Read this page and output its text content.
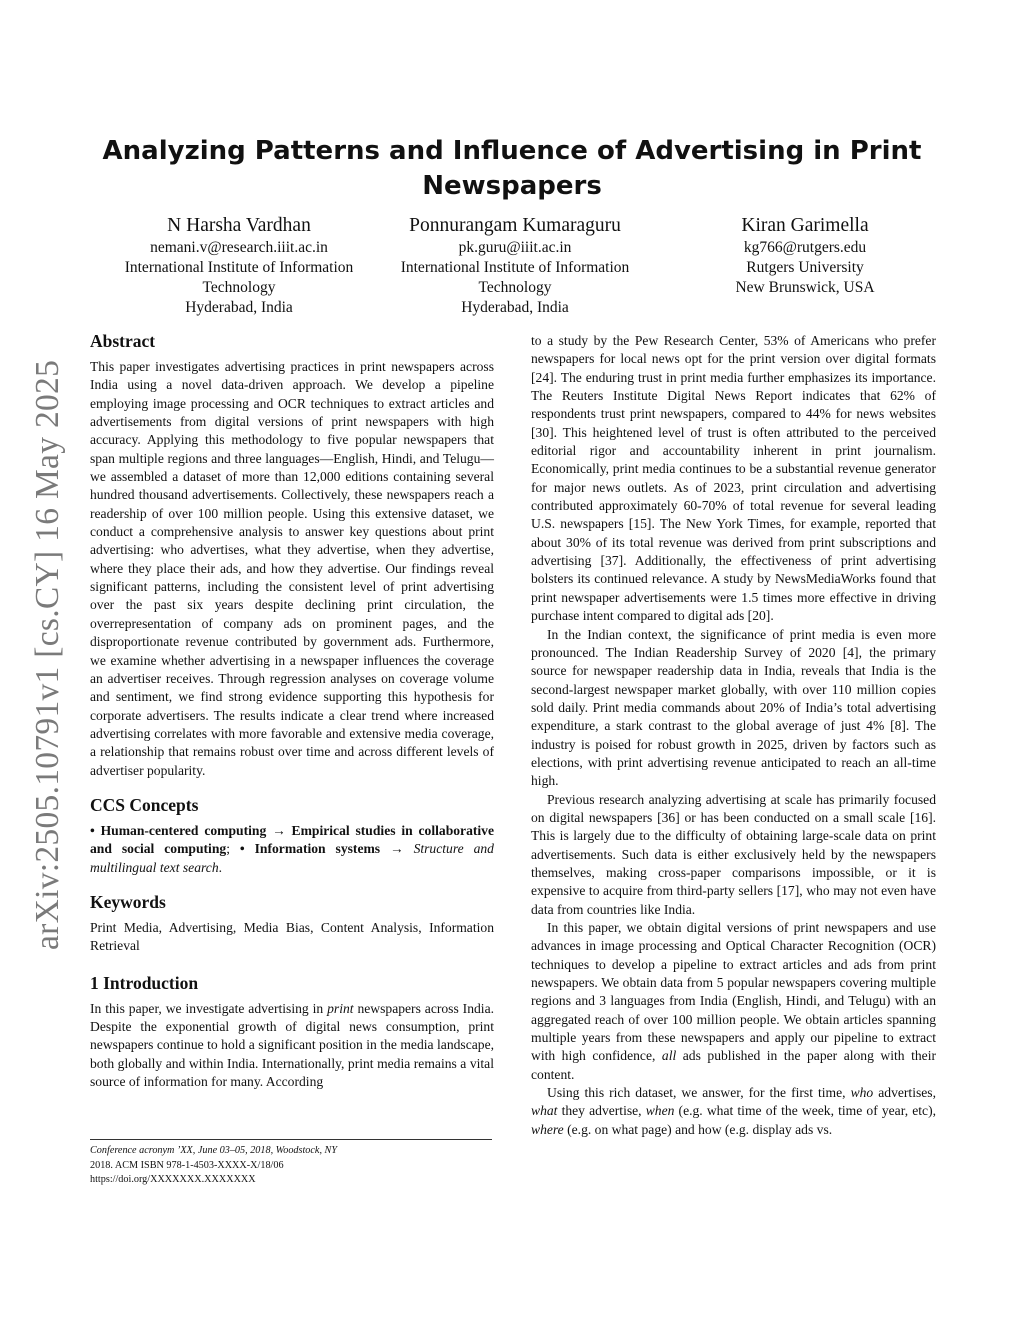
arXiv:2505.10791v1 [cs.CY] 16 May 2025
Analyzing Patterns and Influence of Advertising in Print Newspapers
N Harsha Vardhan
nemani.v@research.iiit.ac.in
International Institute of Information
Technology
Hyderabad, India
Ponnurangam Kumaraguru
pk.guru@iiit.ac.in
International Institute of Information
Technology
Hyderabad, India
Kiran Garimella
kg766@rutgers.edu
Rutgers University
New Brunswick, USA
Abstract

This paper investigates advertising practices in print newspapers across India using a novel data-driven approach. We develop a pipeline employing image processing and OCR techniques to extract articles and advertisements from digital versions of print newspapers with high accuracy. Applying this methodology to five popular newspapers that span multiple regions and three languages—English, Hindi, and Telugu—we assembled a dataset of more than 12,000 editions containing several hundred thousand advertisements. Collectively, these newspapers reach a readership of over 100 million people. Using this extensive dataset, we conduct a comprehensive analysis to answer key questions about print advertising: who advertises, what they advertise, when they advertise, where they place their ads, and how they advertise. Our findings reveal significant patterns, including the consistent level of print advertising over the past six years despite declining print circulation, the overrepresentation of company ads on prominent pages, and the disproportionate revenue contributed by government ads. Furthermore, we examine whether advertising in a newspaper influences the coverage an advertiser receives. Through regression analyses on coverage volume and sentiment, we find strong evidence supporting this hypothesis for corporate advertisers. The results indicate a clear trend where increased advertising correlates with more favorable and extensive media coverage, a relationship that remains robust over time and across different levels of advertiser popularity.

CCS Concepts

• Human-centered computing → Empirical studies in collaborative and social computing; • Information systems → Structure and multilingual text search.

Keywords

Print Media, Advertising, Media Bias, Content Analysis, Information Retrieval

1 Introduction

In this paper, we investigate advertising in print newspapers across India. Despite the exponential growth of digital news consumption, print newspapers continue to hold a significant position in the media landscape, both globally and within India. Internationally, print media remains a vital source of information for many. According

to a study by the Pew Research Center, 53% of Americans who prefer newspapers for local news opt for the print version over digital formats [24]. The enduring trust in print media further emphasizes its importance. The Reuters Institute Digital News Report indicates that 62% of respondents trust print newspapers, compared to 44% for news websites [30]. This heightened level of trust is often attributed to the perceived editorial rigor and accountability inherent in print journalism. Economically, print media continues to be a substantial revenue generator for major news outlets. As of 2023, print circulation and advertising contributed approximately 60-70% of total revenue for several leading U.S. newspapers [15]. The New York Times, for example, reported that about 30% of its total revenue was derived from print subscriptions and advertising [37]. Additionally, the effectiveness of print advertising bolsters its continued relevance. A study by NewsMediaWorks found that print newspaper advertisements were 1.5 times more effective in driving purchase intent compared to digital ads [20].

In the Indian context, the significance of print media is even more pronounced. The Indian Readership Survey of 2020 [4], the primary source for newspaper readership data in India, reveals that India is the second-largest newspaper market globally, with over 110 million copies sold daily. Print media commands about 20% of India’s total advertising expenditure, a stark contrast to the global average of just 4% [8]. The industry is poised for robust growth in 2025, driven by factors such as elections, with print advertising revenue anticipated to reach an all-time high.

Previous research analyzing advertising at scale has primarily focused on digital newspapers [36] or has been conducted on a small scale [16]. This is largely due to the difficulty of obtaining large-scale data on print advertisements. Such data is either exclusively held by the newspapers themselves, making cross-paper comparisons impossible, or it is expensive to acquire from third-party sellers [17], who may not even have data from countries like India.

In this paper, we obtain digital versions of print newspapers and use advances in image processing and Optical Character Recognition (OCR) techniques to develop a pipeline to extract articles and ads from print newspapers. We obtain data from 5 popular newspapers covering multiple regions and 3 languages from India (English, Hindi, and Telugu) with an aggregated reach of over 100 million people. We obtain articles spanning multiple years from these newspapers and apply our pipeline to extract with high confidence, all ads published in the paper along with their content.

Using this rich dataset, we answer, for the first time, who advertises, what they advertise, when (e.g. what time of the week, time of year, etc), where (e.g. on what page) and how (e.g. display ads vs.

Conference acronym ’XX, June 03–05, 2018, Woodstock, NY
2018. ACM ISBN 978-1-4503-XXXX-X/18/06
https://doi.org/XXXXXXX.XXXXXXX
